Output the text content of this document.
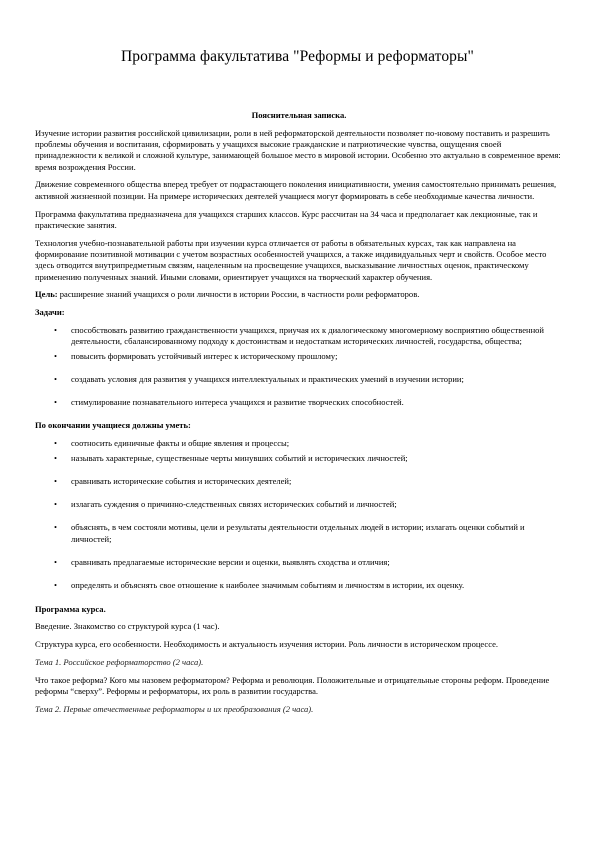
Программа факультатива "Реформы и реформаторы"

Пояснительная записка.

Изучение истории развития российской цивилизации, роли в ней реформаторской деятельности позволяет по-новому поставить и разрешить проблемы обучения и воспитания, сформировать у учащихся высокие гражданские и патриотические чувства, ощущения своей принадлежности к великой и сложной культуре, занимающей большое место в мировой истории. Особенно это актуально в современное время: время возрождения России.

Движение современного общества вперед требует от подрастающего поколения инициативности, умения самостоятельно принимать решения, активной жизненной позиции. На примере исторических деятелей учащиеся могут формировать в себе необходимые качества личности.

Программа факультатива предназначена для учащихся старших классов. Курс рассчитан на 34 часа и предполагает как лекционные, так и практические занятия.

Технология учебно-познавательной работы при изучении курса отличается от работы в обязательных курсах, так как направлена на формирование позитивной мотивации с учетом возрастных особенностей учащихся, а также индивидуальных черт и свойств. Особое место здесь отводится внутрипредметным связям, нацеленным на просвещение учащихся, высказывание личностных оценок, практическому применению полученных знаний. Иными словами, ориентирует учащихся на творческий характер обучения.

Цель: расширение знаний учащихся о роли личности в истории России, в частности роли реформаторов.

Задачи:

• способствовать развитию гражданственности учащихся, приучая их к диалогическому многомерному восприятию общественной деятельности, сбалансированному подходу к достоинствам и недостаткам исторических личностей, государства, общества;
• повысить формировать устойчивый интерес к историческому прошлому;
• создавать условия для развития у учащихся интеллектуальных и практических умений в изучении истории;
• стимулирование познавательного интереса учащихся и развитие творческих способностей.

По окончании учащиеся должны уметь:

• соотносить единичные факты и общие явления и процессы;
• называть характерные, существенные черты минувших событий и исторических личностей;
• сравнивать исторические события и исторических деятелей;
• излагать суждения о причинно-следственных связях исторических событий и личностей;
• объяснять, в чем состояли мотивы, цели и результаты деятельности отдельных людей в истории; излагать оценки событий и личностей;
• сравнивать предлагаемые исторические версии и оценки, выявлять сходства и отличия;
• определять и объяснять свое отношение к наиболее значимым событиям и личностям в истории, их оценку.

Программа курса.

Введение. Знакомство со структурой курса (1 час).

Структура курса, его особенности. Необходимость и актуальность изучения истории. Роль личности в историческом процессе.

Тема 1. Российское реформаторство (2 часа).

Что такое реформа? Кого мы назовем реформатором? Реформа и революция. Положительные и отрицательные стороны реформ. Проведение реформы “сверху”. Реформы и реформаторы, их роль в развитии государства.

Тема 2. Первые отечественные реформаторы и их преобразования (2 часа).
